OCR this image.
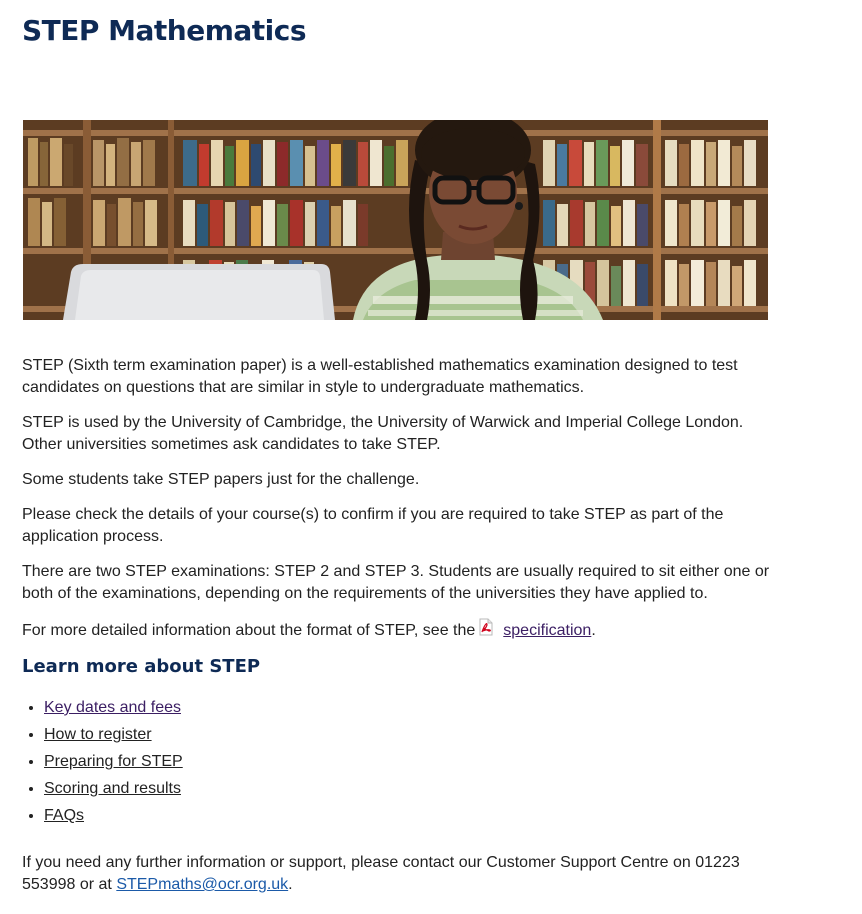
STEP Mathematics

STEP (Sixth term examination paper) is a well-established mathematics examination designed to test candidates on questions that are similar in style to undergraduate mathematics.

STEP is used by the University of Cambridge, the University of Warwick and Imperial College London. Other universities sometimes ask candidates to take STEP.

Some students take STEP papers just for the challenge.

Please check the details of your course(s) to confirm if you are required to take STEP as part of the application process.

There are two STEP examinations: STEP 2 and STEP 3. Students are usually required to sit either one or both of the examinations, depending on the requirements of the universities they have applied to.

For more detailed information about the format of STEP, see the specification.

Learn more about STEP
• Key dates and fees
• How to register
• Preparing for STEP
• Scoring and results
• FAQs

If you need any further information or support, please contact our Customer Support Centre on 01223 553998 or at STEPmaths@ocr.org.uk.
